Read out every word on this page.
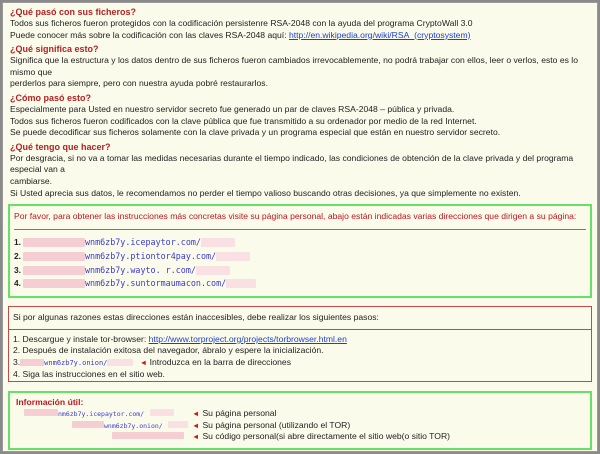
¿Qué pasó con sus ficheros?
Todos sus ficheros fueron protegidos con la codificación persistenre RSA-2048 con la ayuda del programa CryptoWall 3.0
Puede conocer más sobre la codificación con las claves RSA-2048 aquí: http://en.wikipedia.org/wiki/RSA_(cryptosystem)
¿Qué significa esto?
Significa que la estructura y los datos dentro de sus ficheros fueron cambiados irrevocablemente, no podrá trabajar con ellos, leer o verlos, esto es lo mismo que
perderlos para siempre, pero con nuestra ayuda pobré restaurarlos.
¿Cómo pasó esto?
Especialmente para Usted en nuestro servidor secreto fue generado un par de claves RSA-2048 – pública y privada.
Todos sus ficheros fueron codificados con la clave pública que fue transmitido a su ordenador por medio de la red Internet.
Se puede decodificar sus ficheros solamente con la clave privada y un programa especial que están en nuestro servidor secreto.
¿Qué tengo que hacer?
Por desgracia, si no va a tomar las medidas necesarias durante el tiempo indicado, las condiciones de obtención de la clave privada y del programa especial van a
cambiarse.
Si Usted aprecia sus datos, le recomendamos no perder el tiempo valioso buscando otras decisiones, ya que simplemente no existen.
Por favor, para obtener las instrucciones más concretas visite su página personal, abajo están indicadas varias direcciones que dirigen a su página:
1.	wnm6zb7y.icepaytor.com/
2.	wnm6zb7y.ptiontor4pay.com/
3.	wnm6zb7y.wayto. r.com/
4.	wnm6zb7y.suntormaumacon.com/
Si por algunas razones estas direcciones están inaccesibles, debe realizar los siguientes pasos:
1. Descargue y instale tor-browser: http://www.torproject.org/projects/torbrowser.html.en
2. Después de instalación exitosa del navegador, ábralo y espere la inicialización.
3.	wnm6zb7y.onion/	◄ Introduzca en la barra de direcciones
4. Siga las instrucciones en el sitio web.
Información útil:
nm6zb7y.icepaytor.com/	◄ Su página personal
wnm6zb7y.onion/	◄ Su página personal (utilizando el TOR)
◄ Su código personal(si abre directamente el sitio web(o sitio TOR)
